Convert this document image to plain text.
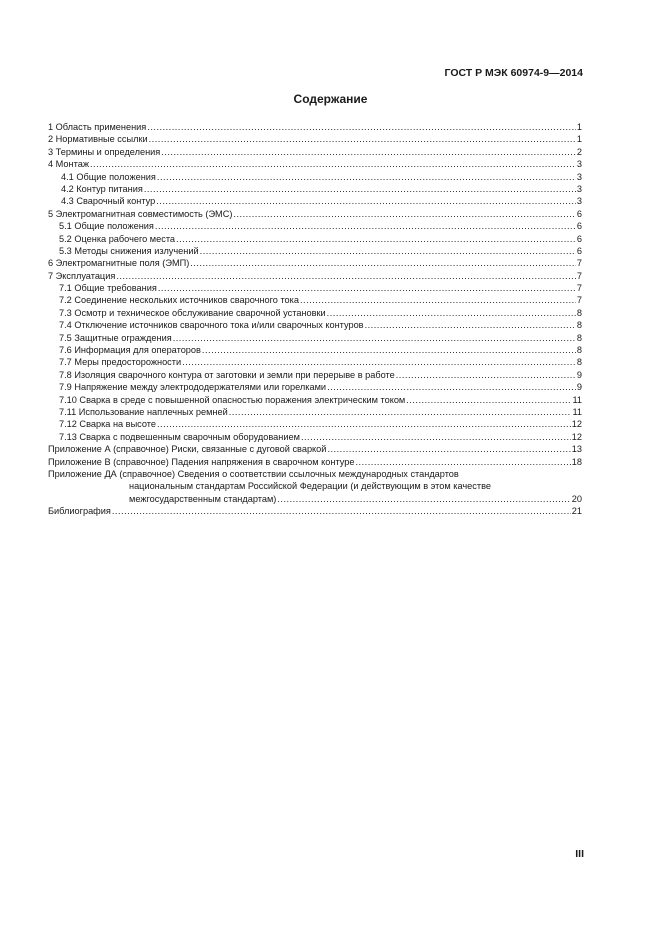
ГОСТ Р МЭК 60974-9—2014
Содержание
1 Область применения .....	1
2 Нормативные ссылки .....	1
3 Термины и определения .....	2
4 Монтаж .....	3
4.1 Общие положения .....	3
4.2 Контур питания .....	3
4.3 Сварочный контур .....	3
5 Электромагнитная совместимость (ЭМС) .....	6
5.1 Общие положения .....	6
5.2 Оценка рабочего места .....	6
5.3 Методы снижения излучений .....	6
6 Электромагнитные поля (ЭМП) .....	7
7 Эксплуатация .....	7
7.1 Общие требования .....	7
7.2 Соединение нескольких источников сварочного тока .....	7
7.3 Осмотр и техническое обслуживание сварочной установки .....	8
7.4 Отключение источников сварочного тока и/или сварочных контуров .....	8
7.5 Защитные ограждения .....	8
7.6 Информация для операторов .....	8
7.7 Меры предосторожности .....	8
7.8 Изоляция сварочного контура от заготовки и земли при перерыве в работе .....	9
7.9 Напряжение между электрододержателями или горелками .....	9
7.10 Сварка в среде с повышенной опасностью поражения электрическим током .....	11
7.11 Использование наплечных ремней .....	11
7.12 Сварка на высоте .....	12
7.13 Сварка с подвешенным сварочным оборудованием .....	12
Приложение А (справочное) Риски, связанные с дуговой сваркой .....	13
Приложение В (справочное) Падения напряжения в сварочном контуре .....	18
Приложение ДА (справочное) Сведения о соответствии ссылочных международных стандартов
национальным стандартам Российской Федерации (и действующим в этом качестве
межгосударственным стандартам) .....	20
Библиография .....	21
III
